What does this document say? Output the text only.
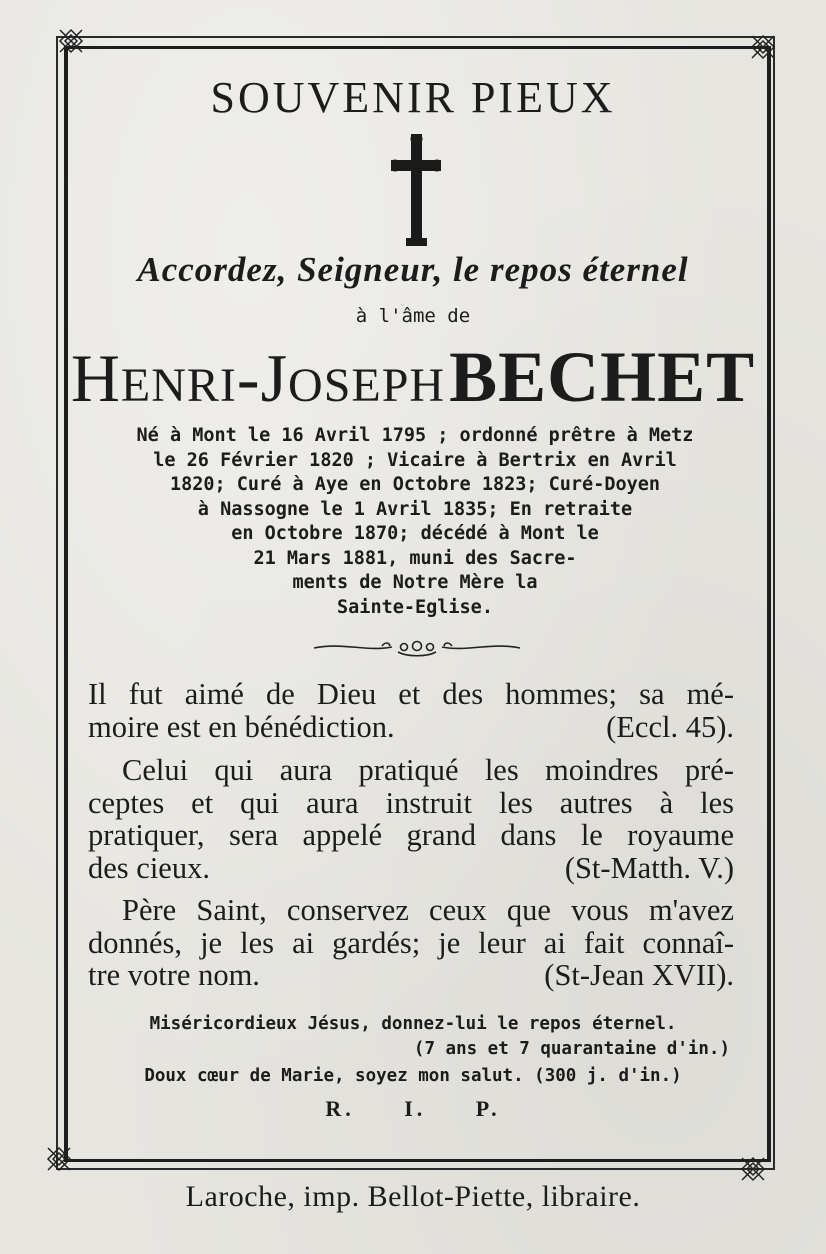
SOUVENIR PIEUX
Accordez, Seigneur, le repos éternel
à l'âme de
Henri-Joseph BECHET
Né à Mont le 16 Avril 1795 ; ordonné prêtre à Metz
le 26 Février 1820 ; Vicaire à Bertrix en Avril
1820; Curé à Aye en Octobre 1823; Curé-Doyen
à Nassogne le 1 Avril 1835; En retraite
en Octobre 1870; décédé à Mont le
21 Mars 1881, muni des Sacre-
ments de Notre Mère la
Sainte-Eglise.
Il fut aimé de Dieu et des hommes; sa mé-
moire est en bénédiction.	(Eccl. 45).
Celui qui aura pratiqué les moindres pré-
ceptes et qui aura instruit les autres à les
pratiquer, sera appelé grand dans le royaume
des cieux.	(St-Matth. V.)
Père Saint, conservez ceux que vous m'avez
donnés, je les ai gardés; je leur ai fait connaî-
tre votre nom.	(St-Jean XVII).
Miséricordieux Jésus, donnez-lui le repos éternel.
(7 ans et 7 quarantaine d'in.)
Doux cœur de Marie, soyez mon salut. (300 j. d'in.)
R. I. P.
Laroche, imp. Bellot-Piette, libraire.
